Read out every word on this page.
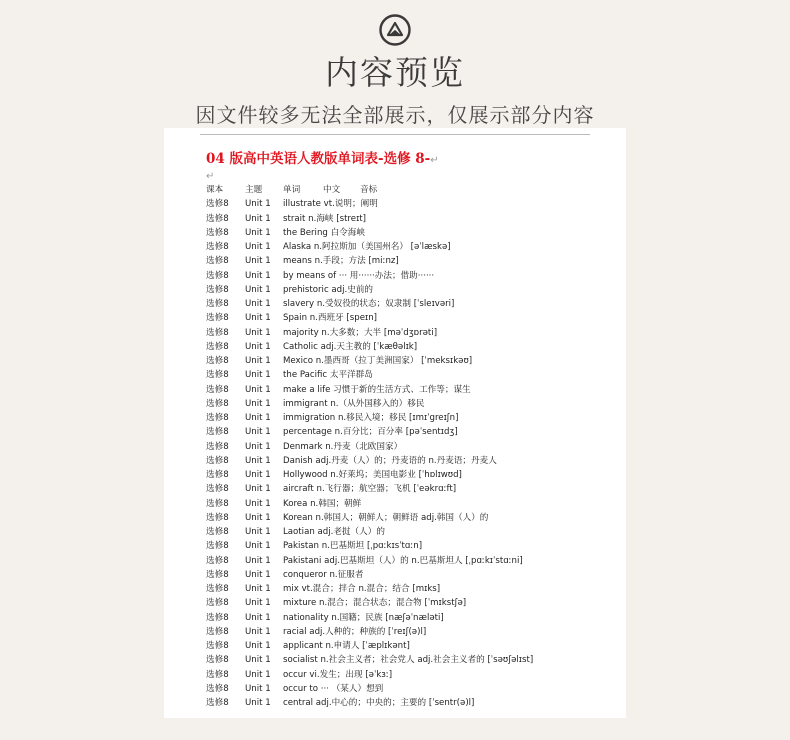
内容预览
因文件较多无法全部展示，仅展示部分内容
04 版高中英语人教版单词表-选修 8-↵
↵
课本	主题 单词	中文 音标
选修8 Unit 1 illustrate vt.说明；阐明
选修8 Unit 1 strait n.海峡 [streɪt]
选修8 Unit 1 the Bering 白令海峡
选修8 Unit 1 Alaska n.阿拉斯加（美国州名） [əˈlæskə]
选修8 Unit 1 means n.手段；方法 [miːnz]
选修8 Unit 1 by means of ··· 用······办法；借助······
选修8 Unit 1 prehistoric adj.史前的
选修8 Unit 1 slavery n.受奴役的状态；奴隶制 [ˈsleɪvəri]
选修8 Unit 1 Spain n.西班牙 [speɪn]
选修8 Unit 1 majority n.大多数；大半 [məˈdʒɒrəti]
选修8 Unit 1 Catholic adj.天主教的 [ˈkæθəlɪk]
选修8 Unit 1 Mexico n.墨西哥（拉丁美洲国家） [ˈmeksɪkəʊ]
选修8 Unit 1 the Pacific 太平洋群岛
选修8 Unit 1 make a life 习惯于新的生活方式、工作等；谋生
选修8 Unit 1 immigrant n.（从外国移入的）移民
选修8 Unit 1 immigration n.移民入境；移民 [ɪmɪˈgreɪʃn]
选修8 Unit 1 percentage n.百分比；百分率 [pəˈsentɪdʒ]
选修8 Unit 1 Denmark n.丹麦（北欧国家）
选修8 Unit 1 Danish adj.丹麦（人）的；丹麦语的 n.丹麦语；丹麦人
选修8 Unit 1 Hollywood n.好莱坞；美国电影业 [ˈhɒlɪwʊd]
选修8 Unit 1 aircraft n.飞行器；航空器；飞机 [ˈeəkrɑːft]
选修8 Unit 1 Korea n.韩国；朝鲜
选修8 Unit 1 Korean n.韩国人；朝鲜人；朝鲜语 adj.韩国（人）的
选修8 Unit 1 Laotian adj.老挝（人）的
选修8 Unit 1 Pakistan n.巴基斯坦 [ˌpɑːkɪsˈtɑːn]
选修8 Unit 1 Pakistani adj.巴基斯坦（人）的 n.巴基斯坦人 [ˌpɑːkɪˈstɑːni]
选修8 Unit 1 conqueror n.征服者
选修8 Unit 1 mix vt.混合；拌合 n.混合；结合 [mɪks]
选修8 Unit 1 mixture n.混合；混合状态；混合物 [ˈmɪkstʃə]
选修8 Unit 1 nationality n.国籍；民族 [næʃəˈnæləti]
选修8 Unit 1 racial adj.人种的；种族的 [ˈreɪʃ(ə)l]
选修8 Unit 1 applicant n.申请人 [ˈæplɪkənt]
选修8 Unit 1 socialist n.社会主义者；社会党人 adj.社会主义者的 [ˈsəʊʃəlɪst]
选修8 Unit 1 occur vi.发生；出现 [əˈkɜː]
选修8 Unit 1 occur to ··· （某人）想到
选修8 Unit 1 central adj.中心的；中央的；主要的 [ˈsentr(ə)l]
